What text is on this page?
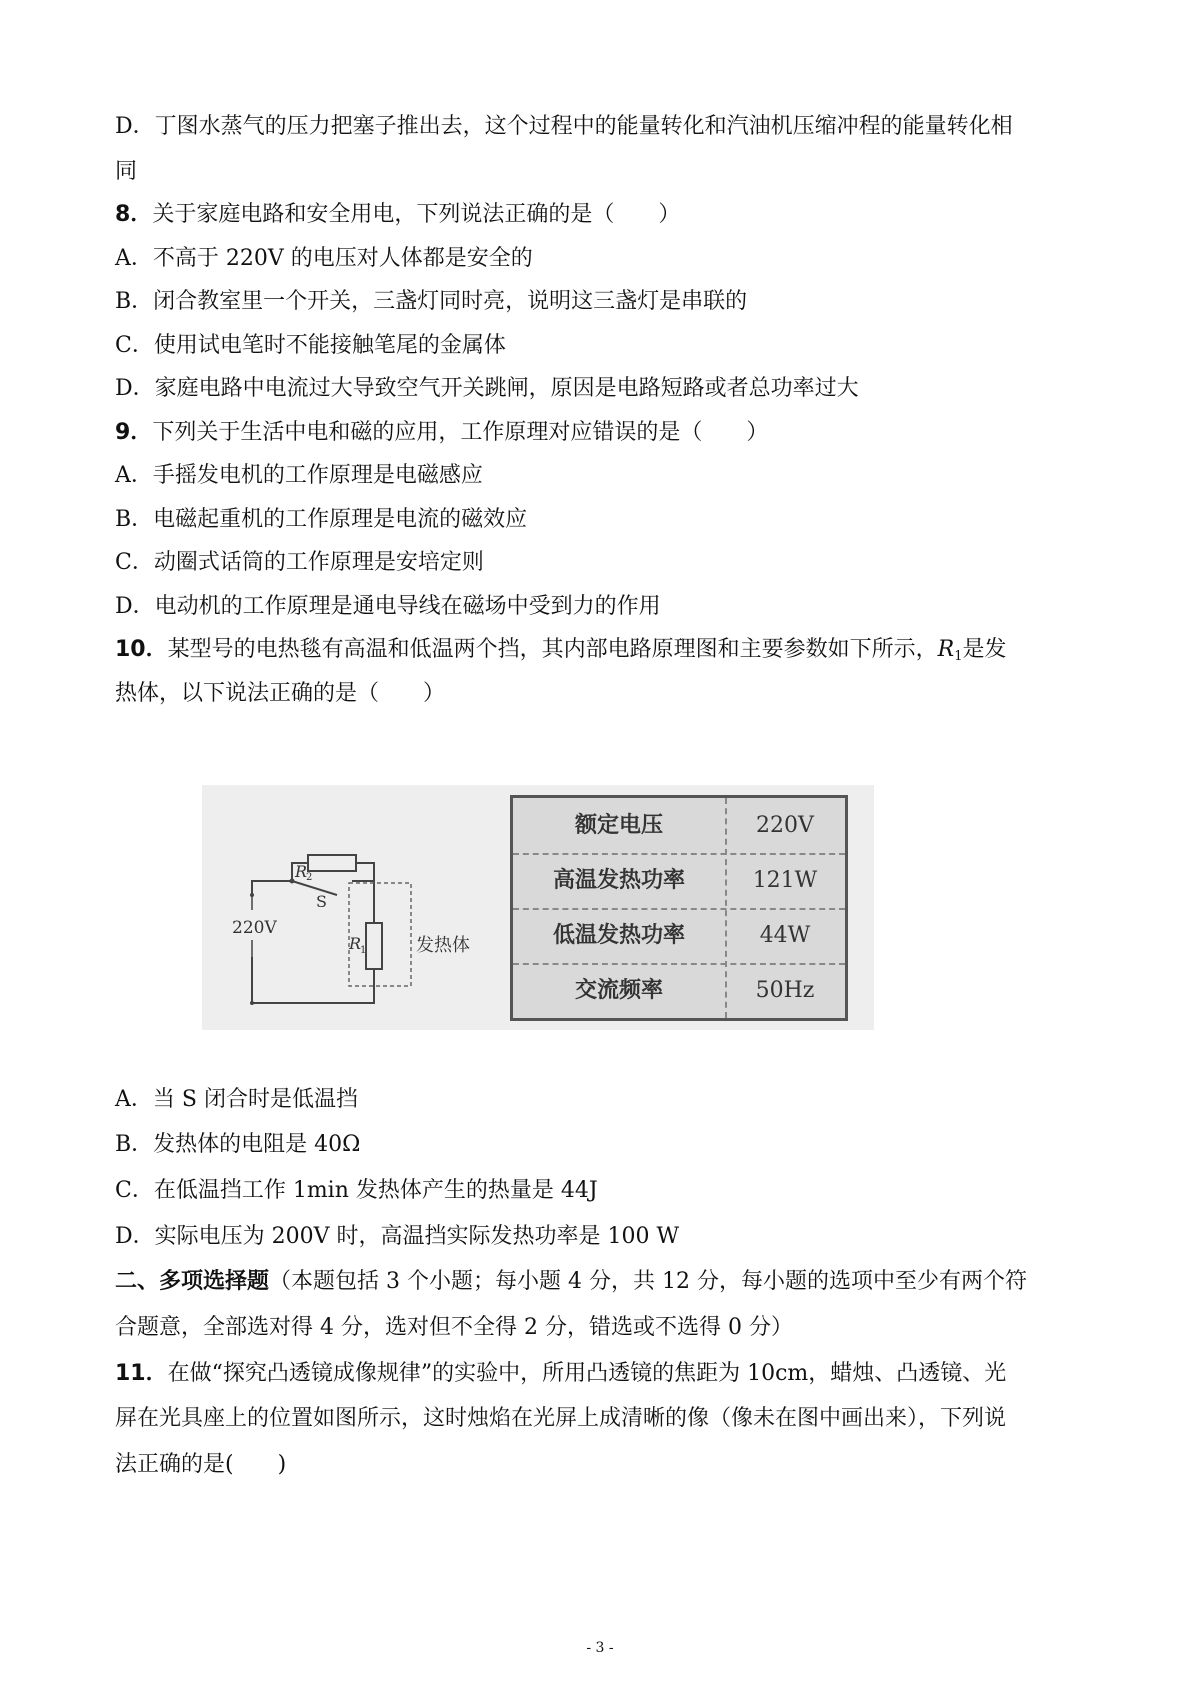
D．丁图水蒸气的压力把塞子推出去，这个过程中的能量转化和汽油机压缩冲程的能量转化相
同
8．关于家庭电路和安全用电，下列说法正确的是（　　）
A．不高于 220V 的电压对人体都是安全的
B．闭合教室里一个开关，三盏灯同时亮，说明这三盏灯是串联的
C．使用试电笔时不能接触笔尾的金属体
D．家庭电路中电流过大导致空气开关跳闸，原因是电路短路或者总功率过大
9．下列关于生活中电和磁的应用，工作原理对应错误的是（　　）
A．手摇发电机的工作原理是电磁感应
B．电磁起重机的工作原理是电流的磁效应
C．动圈式话筒的工作原理是安培定则
D．电动机的工作原理是通电导线在磁场中受到力的作用
10．某型号的电热毯有高温和低温两个挡，其内部电路原理图和主要参数如下所示，$R_1$是发
热体，以下说法正确的是（　　）
220V
R
2
S
R
1	发热体
额定电压	220V
高温发热功率	121W
低温发热功率	44W
交流频率	50Hz
A．当 S 闭合时是低温挡
B．发热体的电阻是 40Ω
C．在低温挡工作 1min 发热体产生的热量是 44J
D．实际电压为 200V 时，高温挡实际发热功率是 100 W
二、多项选择题（本题包括 3 个小题；每小题 4 分，共 12 分，每小题的选项中至少有两个符
合题意，全部选对得 4 分，选对但不全得 2 分，错选或不选得 0 分）
11．在做“探究凸透镜成像规律”的实验中，所用凸透镜的焦距为 10cm，蜡烛、凸透镜、光
屏在光具座上的位置如图所示，这时烛焰在光屏上成清晰的像（像未在图中画出来），下列说
法正确的是(　　)
- 3 -
